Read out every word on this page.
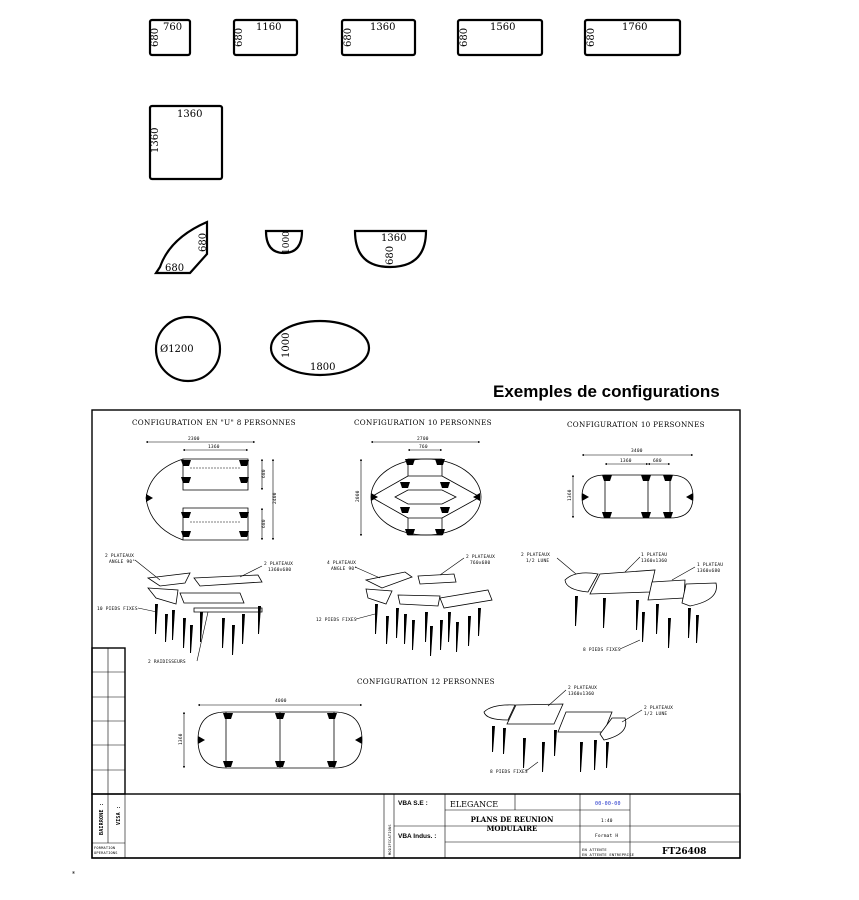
760
680
1160
680
1360
680
1560
680
1760
680
1360
1360
680
680	1000	1360
680
Ø1200
1800
1000
Exemples de configurations
CONFIGURATION EN "U" 8 PERSONNES
2300
1360
2400
680
680
2 PLATEAUX
ANGLE 90°	2 PLATEAUX
1360x680
10 PIEDS FIXES
2 RAIDISSEURS
CONFIGURATION 10 PERSONNES
2700
760
2000
4 PLATEAUX
ANGLE 90°
2 PLATEAUX
760x680
12 PIEDS FIXES
CONFIGURATION 10 PERSONNES
3400
1360	680
1360
2 PLATEAUX
1/2 LUNE
1 PLATEAU
1360x1360
1 PLATEAU
1360x680
8 PIEDS FIXES
CONFIGURATION 12 PERSONNES
4000
1360
2 PLATEAUX
1360x1360
2 PLATEAUX
1/2 LUNE
8 PIEDS FIXES
BAIRRONE : VISA :
FORMATION
OPERATIONS	MODIFICATIONS
VBA S.E :
VBA Indus. :
ELEGANCE
PLANS DE REUNION
MODULAIRE
00-00-00
1:40
Format H
EN ATTENTE
EN ATTENTE ENTREPRISE	FT26408
*
